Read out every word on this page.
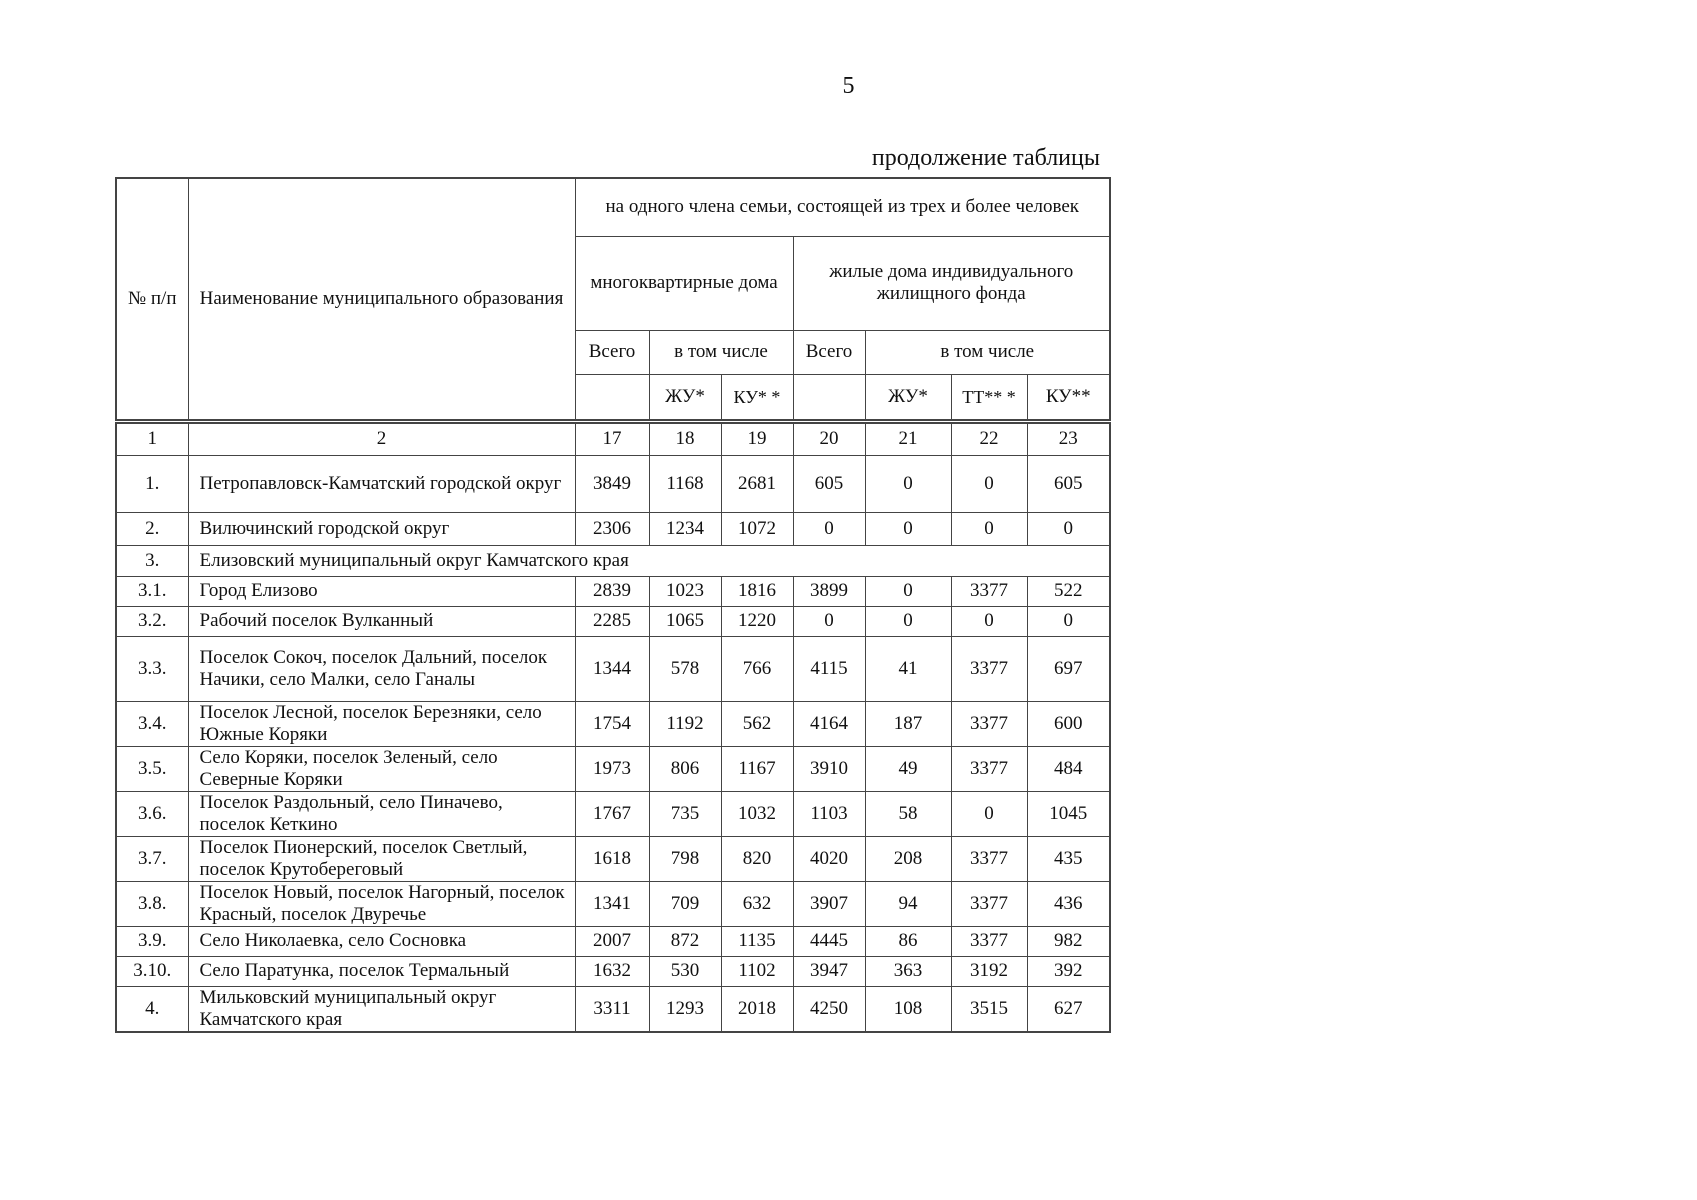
5
продолжение таблицы
№ п/п	Наименование муниципального образования	на одного члена семьи, состоящей из трех и более человек						
		многоквартирные дома			жилые дома индивидуального жилищного фонда			
		Всего	в том числе		Всего	в том числе		
			ЖУ*	КУ* *		ЖУ*	ТТ** *	КУ**
1	2	17	18	19	20	21	22	23
1.	Петропавловск-Камчатский городской округ	3849	1168	2681	605	0	0	605
2.	Вилючинский городской округ	2306	1234	1072	0	0	0	0
3.	Елизовский муниципальный округ Камчатского края							
3.1.	Город Елизово	2839	1023	1816	3899	0	3377	522
3.2.	Рабочий поселок Вулканный	2285	1065	1220	0	0	0	0
3.3.	Поселок Сокоч, поселок Дальний, поселок Начики, село Малки, село Ганалы	1344	578	766	4115	41	3377	697
3.4.	Поселок Лесной, поселок Березняки, село Южные Коряки	1754	1192	562	4164	187	3377	600
3.5.	Село Коряки, поселок Зеленый, село Северные Коряки	1973	806	1167	3910	49	3377	484
3.6.	Поселок Раздольный, село Пиначево, поселок Кеткино	1767	735	1032	1103	58	0	1045
3.7.	Поселок Пионерский, поселок Светлый, поселок Крутобереговый	1618	798	820	4020	208	3377	435
3.8.	Поселок Новый, поселок Нагорный, поселок Красный, поселок Двуречье	1341	709	632	3907	94	3377	436
3.9.	Село Николаевка, село Сосновка	2007	872	1135	4445	86	3377	982
3.10.	Село Паратунка, поселок Термальный	1632	530	1102	3947	363	3192	392
4.	Мильковский муниципальный округ Камчатского края	3311	1293	2018	4250	108	3515	627
